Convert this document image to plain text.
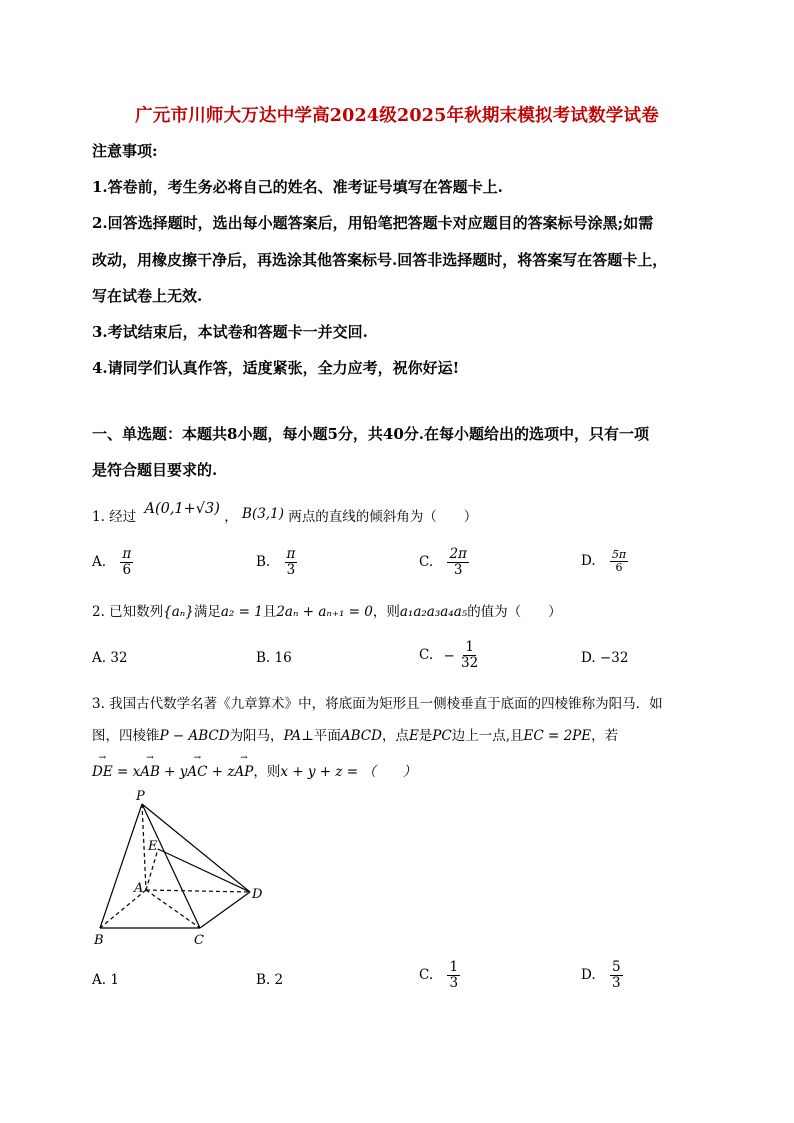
广元市川师大万达中学高2024级2025年秋期末模拟考试数学试卷
注意事项:
1.答卷前，考生务必将自己的姓名、准考证号填写在答题卡上.
2.回答选择题时，选出每小题答案后，用铅笔把答题卡对应题目的答案标号涂黑;如需
改动，用橡皮擦干净后，再选涂其他答案标号.回答非选择题时，将答案写在答题卡上，
写在试卷上无效.
3.考试结束后，本试卷和答题卡一并交回.
4.请同学们认真作答，适度紧张，全力应考，祝你好运!
一、单选题：本题共8小题，每小题5分，共40分.在每小题给出的选项中，只有一项
是符合题目要求的.
1. 经过 A(0,1+√3) ， B(3,1) 两点的直线的倾斜角为（　　）
A. $\frac{\pi}{6}$	B. $\frac{\pi}{3}$	C. $\frac{2\pi}{3}$	D. $\frac{5\pi}{6}$
2. 已知数列{aₙ}满足a₂ = 1且2aₙ + aₙ₊₁ = 0，则a₁a₂a₃a₄a₅的值为（　　）
A. 32	B. 16	C. − $\frac{1}{32}$	D. −32
3. 我国古代数学名著《九章算术》中，将底面为矩形且一侧棱垂直于底面的四棱锥称为阳马．如
图，四棱锥P − ABCD为阳马，PA⊥平面ABCD，点E是PC边上一点,且EC = 2PE，若
→ DE = x→ AB + y→ AC + z→ AP，则x + y + z = （　　）
P
E
A	D
B	C
A. 1	B. 2	C. $\frac{1}{3}$	D. $\frac{5}{3}$
